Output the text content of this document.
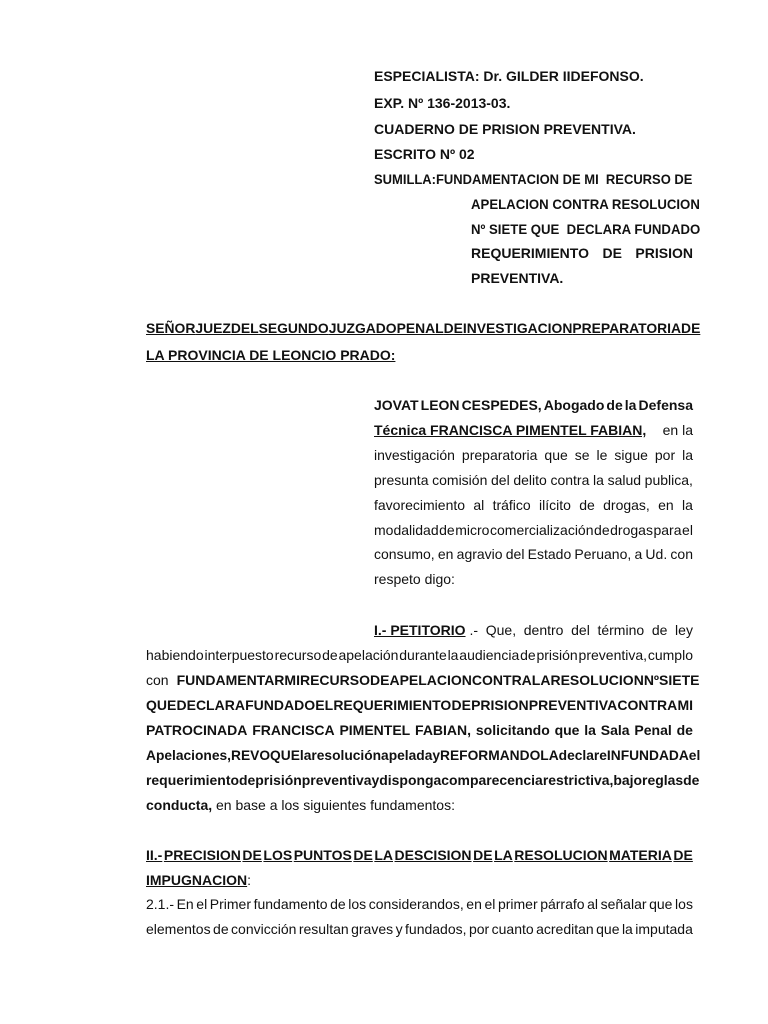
ESPECIALISTA: Dr. GILDER IIDEFONSO.
EXP. Nº 136-2013-03.
CUADERNO DE PRISION PREVENTIVA.
ESCRITO Nº 02
SUMILLA: FUNDAMENTACION DE MI  RECURSO DE
APELACION CONTRA RESOLUCION
Nº SIETE QUE  DECLARA FUNDADO
REQUERIMIENTO DE PRISION
PREVENTIVA.
SEÑOR JUEZ DEL SEGUNDO JUZGADO PENAL DE INVESTIGACION PREPARATORIA DE
LA PROVINCIA DE LEONCIO PRADO:
JOVAT LEON CESPEDES, Abogado de la Defensa
Técnica FRANCISCA PIMENTEL FABIAN, en la
investigación preparatoria que se le sigue por la
presunta comisión del delito contra la salud publica,
favorecimiento al tráfico ilícito de drogas, en la
modalidad de micro comercialización de drogas para el
consumo, en agravio del Estado Peruano, a Ud. con
respeto digo:
I.- PETITORIO .- Que, dentro del término de ley
habiendo interpuesto recurso de apelación durante la audiencia de prisión preventiva, cumplo
con FUNDAMENTAR MI RECURSO DE APELACION CONTRA LA RESOLUCION Nº SIETE
QUE DECLARA FUNDADO EL REQUERIMIENTO DE PRISION PREVENTIVA CONTRA MI
PATROCINADA FRANCISCA PIMENTEL FABIAN, solicitando que la Sala Penal de
Apelaciones, REVOQUE la resolución apelada y REFORMANDOLA declare INFUNDADA el
requerimiento de prisión preventiva y disponga comparecencia restrictiva, bajo reglas de
conducta, en base a los siguientes fundamentos:
II.- PRECISION DE LOS PUNTOS DE LA DESCISION DE LA RESOLUCION MATERIA DE
IMPUGNACION:
2.1.- En el Primer fundamento de los considerandos, en el primer párrafo al señalar que los
elementos de convicción resultan graves y fundados, por cuanto acreditan que la imputada
